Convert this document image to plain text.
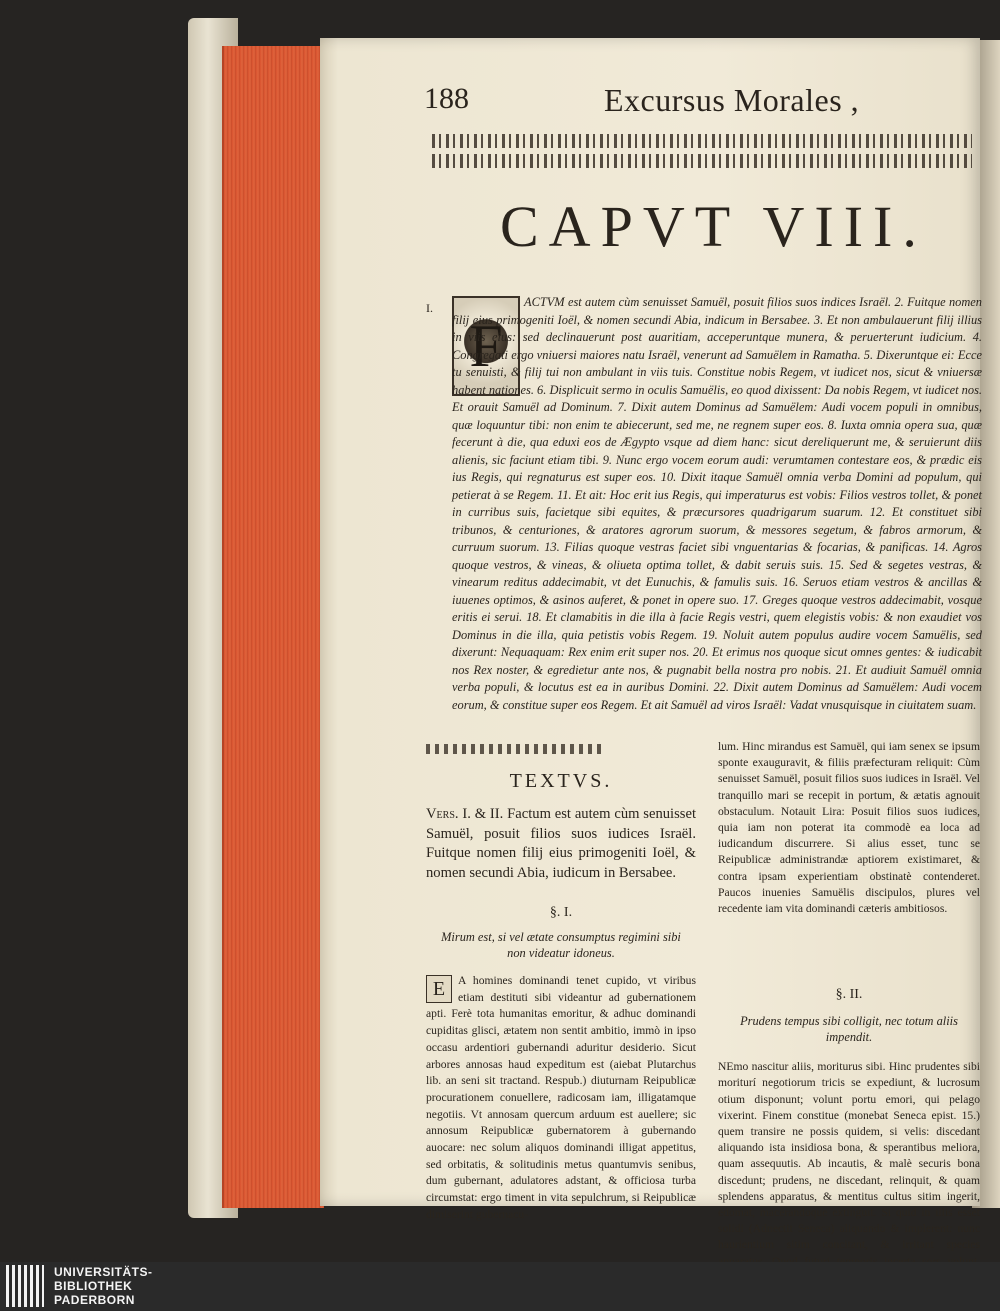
188	Excursus Morales ,
CAPVT VIII.
I.
F

ACTVM est autem cùm senuisset Samuël, posuit filios suos indices Israël. 2. Fuitque nomen filij eius primogeniti Ioël, & nomen secundi Abia, indicum in Bersabee. 3. Et non ambulauerunt filij illius in viis eius: sed declinauerunt post auaritiam, acceperuntque munera, & peruerterunt iudicium. 4. Congregati ergo vniuersi maiores natu Israël, venerunt ad Samuëlem in Ramatha. 5. Dixeruntque ei: Ecce tu senuisti, & filij tui non ambulant in viis tuis. Constitue nobis Regem, vt iudicet nos, sicut & vniuersæ habent nationes. 6. Displicuit sermo in oculis Samuëlis, eo quod dixissent: Da nobis Regem, vt iudicet nos. Et orauit Samuël ad Dominum. 7. Dixit autem Dominus ad Samuëlem: Audi vocem populi in omnibus, quæ loquuntur tibi: non enim te abiecerunt, sed me, ne regnem super eos. 8. Iuxta omnia opera sua, quæ fecerunt à die, qua eduxi eos de Ægypto vsque ad diem hanc: sicut dereliquerunt me, & seruierunt diis alienis, sic faciunt etiam tibi. 9. Nunc ergo vocem eorum audi: verumtamen contestare eos, & prædic eis ius Regis, qui regnaturus est super eos. 10. Dixit itaque Samuël omnia verba Domini ad populum, qui petierat à se Regem. 11. Et ait: Hoc erit ius Regis, qui imperaturus est vobis: Filios vestros tollet, & ponet in curribus suis, facietque sibi equites, & præcursores quadrigarum suarum. 12. Et constituet sibi tribunos, & centuriones, & aratores agrorum suorum, & messores segetum, & fabros armorum, & curruum suorum. 13. Filias quoque vestras faciet sibi vnguentarias & focarias, & panificas. 14. Agros quoque vestros, & vineas, & oliueta optima tollet, & dabit seruis suis. 15. Sed & segetes vestras, & vinearum reditus addecimabit, vt det Eunuchis, & famulis suis. 16. Seruos etiam vestros & ancillas & iuuenes optimos, & asinos auferet, & ponet in opere suo. 17. Greges quoque vestros addecimabit, vosque eritis ei serui. 18. Et clamabitis in die illa à facie Regis vestri, quem elegistis vobis: & non exaudiet vos Dominus in die illa, quia petistis vobis Regem. 19. Noluit autem populus audire vocem Samuëlis, sed dixerunt: Nequaquam: Rex enim erit super nos. 20. Et erimus nos quoque sicut omnes gentes: & iudicabit nos Rex noster, & egredietur ante nos, & pugnabit bella nostra pro nobis. 21. Et audiuit Samuël omnia verba populi, & locutus est ea in auribus Domini. 22. Dixit autem Dominus ad Samuëlem: Audi vocem eorum, & constitue super eos Regem. Et ait Samuël ad viros Israël: Vadat vnusquisque in ciuitatem suam.

TEXTVS.

Vers. I. & II. Factum est autem cùm senuisset Samuël, posuit filios suos iudices Israël. Fuitque nomen filij eius primogeniti Ioël, & nomen secundi Abia, iudicum in Bersabee.

§. I.
Mirum est, si vel ætate consumptus regimini sibi non videatur idoneus.

E	A homines dominandi tenet cupido, vt viribus etiam destituti sibi videantur ad gubernationem apti. Ferè tota humanitas emoritur, & adhuc dominandi cupiditas glisci, ætatem non sentit ambitio, immò in ipso occasu ardentiori gubernandi aduritur desiderio. Sicut arbores annosas haud expeditum est (aiebat Plutarchus lib. an seni sit tractand. Respub.) diuturnam Reipublicæ procurationem conuellere, radicosam iam, illigatamque negotiis. Vt annosam quercum arduum est auellere; sic annosum Reipublicæ gubernatorem à gubernando auocare: nec solum aliquos dominandi illigat appetitus, sed orbitatis, & solitudinis metus quantumvis senibus, dum gubernant, adulatores adstant, & officiosa turba circumstat: ergo timent in vita sepulchrum, si Reipublicæ dimiserint gubernacu-

lum. Hinc mirandus est Samuël, qui iam senex se ipsum sponte exauguravit, & filiis præfecturam reliquit: Cùm senuisset Samuël, posuit filios suos iudices in Israël. Vel tranquillo mari se recepit in portum, & ætatis agnouit obstaculum. Notauit Lira: Posuit filios suos iudices, quia iam non poterat ita commodè ea loca ad iudicandum discurrere. Si alius esset, tunc se Reipublicæ administrandæ aptiorem existimaret, & contra ipsam experientiam obstinatè contenderet. Paucos inuenies Samuëlis discipulos, plures vel recedente iam vita dominandi cæteris ambitiosos.

§. II.
Prudens tempus sibi colligit, nec totum aliis impendit.

NEmo nascitur aliis, moriturus sibi. Hinc prudentes sibi moriturí negotiorum tricis se expediunt, & lucrosum otium disponunt; volunt portu emori, qui pelago vixerint. Finem constitue (monebat Seneca epist. 15.) quem transire ne possis quidem, si velis: discedant aliquando ista insidiosa bona, & sperantibus meliora, quam assequutis. Ab incautis, & malè securis bona discedunt; prudens, ne discedant, relinquit, & quam splendens apparatus, & mentitus cultus sitim ingerit, edomat, macerandoque extinguit. Si quid in illis esset solidi (Adnectit Seneca) aliquando & implerent: nunc haurientium sitim concitant, & irritant species

UNIVERSITÄTS-
BIBLIOTHEK
PADERBORN
